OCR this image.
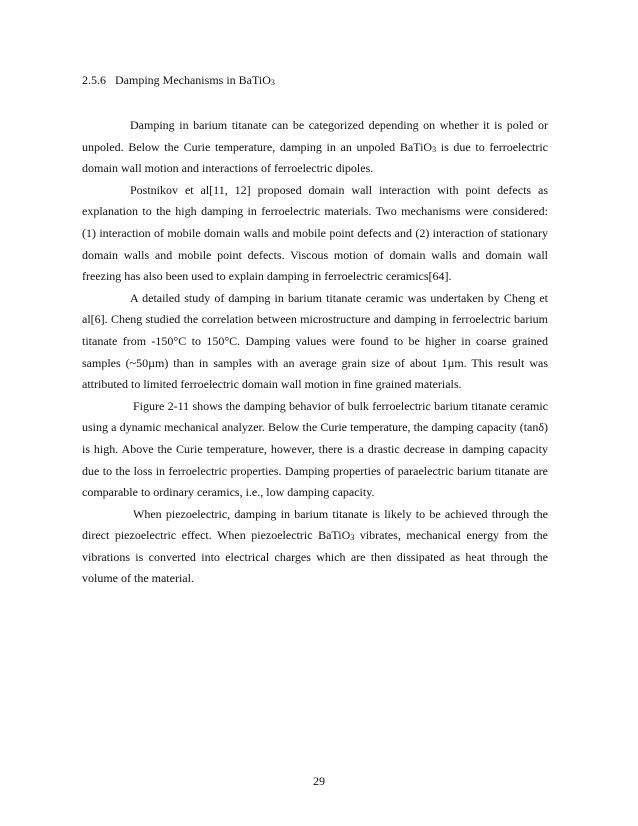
2.5.6 Damping Mechanisms in BaTiO$_3$

Damping in barium titanate can be categorized depending on whether it is poled or unpoled. Below the Curie temperature, damping in an unpoled BaTiO$_3$ is due to ferroelectric domain wall motion and interactions of ferroelectric dipoles.

Postnikov et al[11, 12] proposed domain wall interaction with point defects as explanation to the high damping in ferroelectric materials. Two mechanisms were considered: (1) interaction of mobile domain walls and mobile point defects and (2) interaction of stationary domain walls and mobile point defects. Viscous motion of domain walls and domain wall freezing has also been used to explain damping in ferroelectric ceramics[64].

A detailed study of damping in barium titanate ceramic was undertaken by Cheng et al[6]. Cheng studied the correlation between microstructure and damping in ferroelectric barium titanate from -150°C to 150°C. Damping values were found to be higher in coarse grained samples (~50µm) than in samples with an average grain size of about 1µm. This result was attributed to limited ferroelectric domain wall motion in fine grained materials.

Figure 2-11 shows the damping behavior of bulk ferroelectric barium titanate ceramic using a dynamic mechanical analyzer. Below the Curie temperature, the damping capacity (tanδ) is high. Above the Curie temperature, however, there is a drastic decrease in damping capacity due to the loss in ferroelectric properties. Damping properties of paraelectric barium titanate are comparable to ordinary ceramics, i.e., low damping capacity.

When piezoelectric, damping in barium titanate is likely to be achieved through the direct piezoelectric effect. When piezoelectric BaTiO$_3$ vibrates, mechanical energy from the vibrations is converted into electrical charges which are then dissipated as heat through the volume of the material.

29
